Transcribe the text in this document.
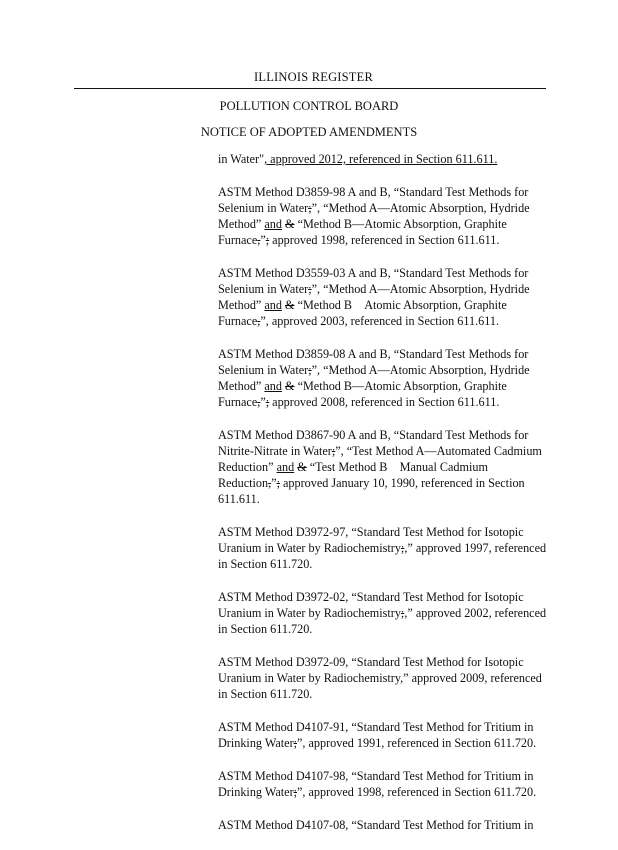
ILLINOIS REGISTER
POLLUTION CONTROL BOARD
NOTICE OF ADOPTED AMENDMENTS

in Water", approved 2012, referenced in Section 611.611.

ASTM Method D3859-98 A and B, “Standard Test Methods for Selenium in Water;”, “Method A—Atomic Absorption, Hydride Method” and & “Method B—Atomic Absorption, Graphite Furnace,”; approved 1998, referenced in Section 611.611.

ASTM Method D3559-03 A and B, “Standard Test Methods for Selenium in Water;”, “Method A—Atomic Absorption, Hydride Method” and & “Method B Atomic Absorption, Graphite Furnace,”, approved 2003, referenced in Section 611.611.

ASTM Method D3859-08 A and B, “Standard Test Methods for Selenium in Water;”, “Method A—Atomic Absorption, Hydride Method” and & “Method B—Atomic Absorption, Graphite Furnace,”; approved 2008, referenced in Section 611.611.

ASTM Method D3867-90 A and B, “Standard Test Methods for Nitrite-Nitrate in Water;”, “Test Method A—Automated Cadmium Reduction” and & “Test Method B Manual Cadmium Reduction,”; approved January 10, 1990, referenced in Section 611.611.

ASTM Method D3972-97, “Standard Test Method for Isotopic Uranium in Water by Radiochemistry;,” approved 1997, referenced in Section 611.720.

ASTM Method D3972-02, “Standard Test Method for Isotopic Uranium in Water by Radiochemistry;,” approved 2002, referenced in Section 611.720.

ASTM Method D3972-09, “Standard Test Method for Isotopic Uranium in Water by Radiochemistry,” approved 2009, referenced in Section 611.720.

ASTM Method D4107-91, “Standard Test Method for Tritium in Drinking Water;”, approved 1991, referenced in Section 611.720.

ASTM Method D4107-98, “Standard Test Method for Tritium in Drinking Water;”, approved 1998, referenced in Section 611.720.

ASTM Method D4107-08, “Standard Test Method for Tritium in
